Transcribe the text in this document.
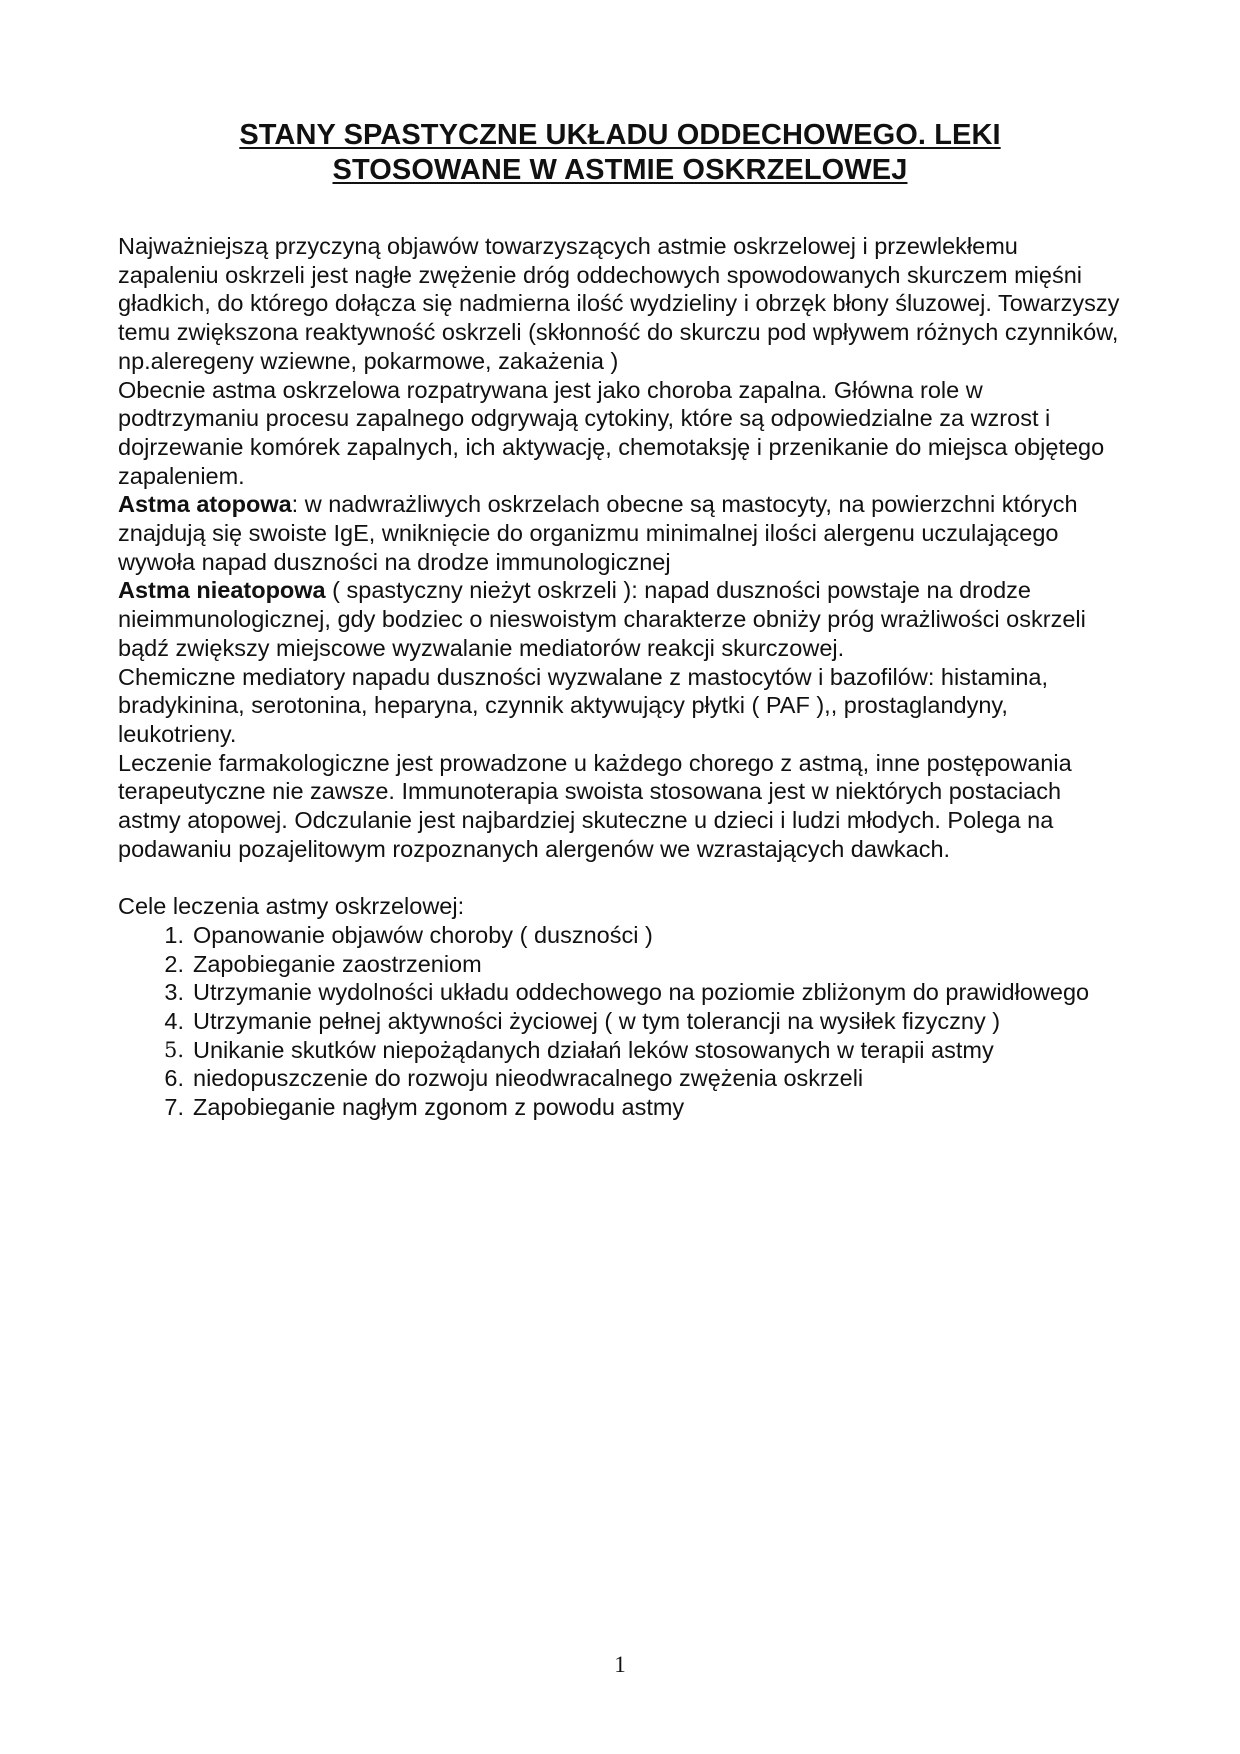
STANY SPASTYCZNE UKŁADU ODDECHOWEGO. LEKI
STOSOWANE W ASTMIE OSKRZELOWEJ

Najważniejszą przyczyną objawów towarzyszących astmie oskrzelowej i przewlekłemu zapaleniu oskrzeli jest nagłe zwężenie dróg oddechowych spowodowanych skurczem mięśni gładkich, do którego dołącza się nadmierna ilość wydzieliny i obrzęk błony śluzowej. Towarzyszy temu zwiększona reaktywność oskrzeli (skłonność do skurczu pod wpływem różnych czynników, np.aleregeny wziewne, pokarmowe, zakażenia )

Obecnie astma oskrzelowa rozpatrywana jest jako choroba zapalna. Główna role w podtrzymaniu procesu zapalnego odgrywają cytokiny, które są odpowiedzialne za wzrost i dojrzewanie komórek zapalnych, ich aktywację, chemotaksję i przenikanie do miejsca objętego zapaleniem.

Astma atopowa: w nadwrażliwych oskrzelach obecne są mastocyty, na powierzchni których znajdują się swoiste IgE, wniknięcie do organizmu minimalnej ilości alergenu uczulającego wywoła napad duszności na drodze immunologicznej

Astma nieatopowa ( spastyczny nieżyt oskrzeli ): napad duszności powstaje na drodze nieimmunologicznej, gdy bodziec o nieswoistym charakterze obniży próg wrażliwości oskrzeli bądź zwiększy miejscowe wyzwalanie mediatorów reakcji skurczowej.

Chemiczne mediatory napadu duszności wyzwalane z mastocytów i bazofilów: histamina, bradykinina, serotonina, heparyna, czynnik aktywujący płytki ( PAF ),, prostaglandyny, leukotrieny.

Leczenie farmakologiczne jest prowadzone u każdego chorego z astmą, inne postępowania terapeutyczne nie zawsze. Immunoterapia swoista stosowana jest w niektórych postaciach astmy atopowej. Odczulanie jest najbardziej skuteczne u dzieci i ludzi młodych. Polega na podawaniu pozajelitowym rozpoznanych alergenów we wzrastających dawkach.

Cele leczenia astmy oskrzelowej:

1. Opanowanie objawów choroby ( duszności )
2. Zapobieganie zaostrzeniom
3. Utrzymanie wydolności układu oddechowego na poziomie zbliżonym do prawidłowego
4. Utrzymanie pełnej aktywności życiowej ( w tym tolerancji na wysiłek fizyczny )
5. Unikanie skutków niepożądanych działań leków stosowanych w terapii astmy
6. niedopuszczenie do rozwoju nieodwracalnego zwężenia oskrzeli
7. Zapobieganie nagłym zgonom z powodu astmy
1
